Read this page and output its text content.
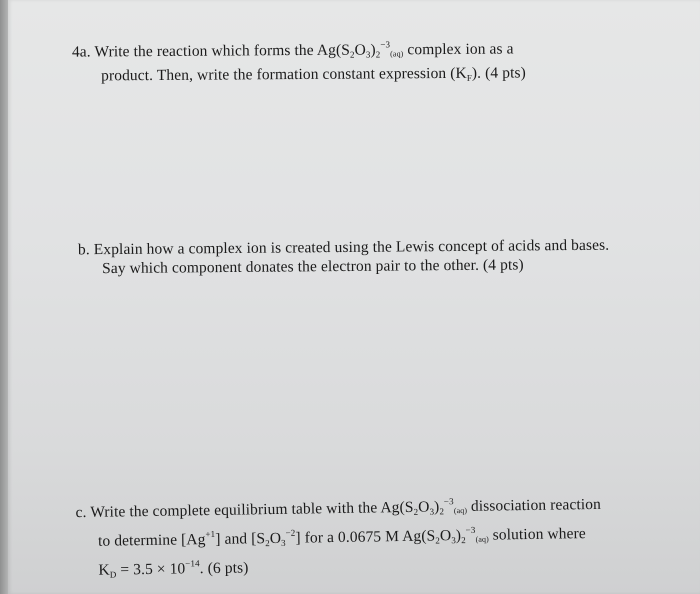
4a. Write the reaction which forms the $Ag(S_2O_3)_2^{-3}(aq)$ complex ion as a
product. Then, write the formation constant expression $(K_F)$. (4 pts)
b. Explain how a complex ion is created using the Lewis concept of acids and bases.
Say which component donates the electron pair to the other. (4 pts)
c. Write the complete equilibrium table with the $Ag(S_2O_3)_2^{-3}(aq)$ dissociation reaction
to determine $[Ag^{+1}]$ and $[S_2O_3^{-2}]$ for a 0.0675 M $Ag(S_2O_3)_2^{-3}(aq)$ solution where
$K_D = 3.5 \times 10^{-14}$. (6 pts)
